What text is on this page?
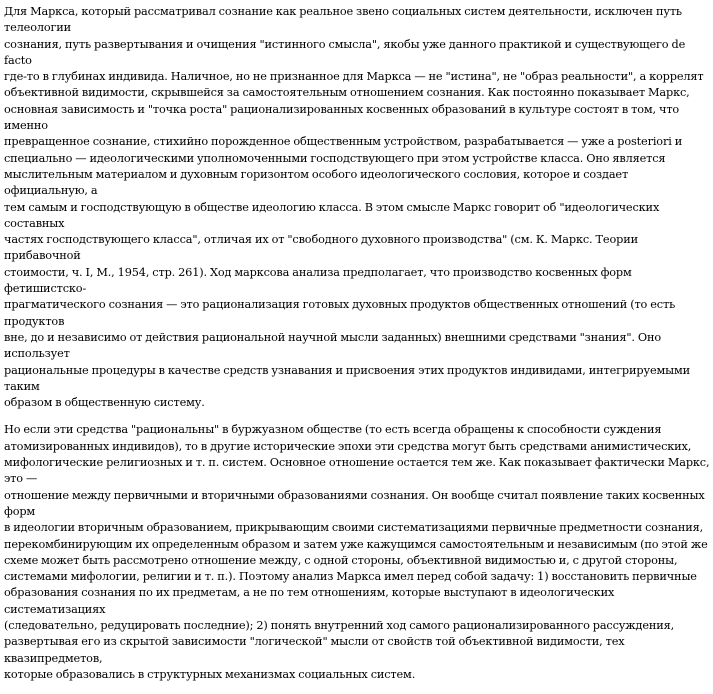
Для Маркса, который рассматривал сознание как реальное звено социальных систем деятельности, исключен путь телеологии
сознания, путь развертывания и очищения "истинного смысла", якобы уже данного практикой и существующего de facto
где-то в глубинах индивида. Наличное, но не признанное для Маркса — не "истина", не "образ реальности", а коррелят
объективной видимости, скрывшейся за самостоятельным отношением сознания. Как постоянно показывает Маркс,
основная зависимость и "точка роста" рационализированных косвенных образований в культуре состоят в том, что именно
превращенное сознание, стихийно порожденное общественным устройством, разрабатывается — уже a posteriori и
специально — идеологическими уполномоченными господствующего при этом устройстве класса. Оно является
мыслительным материалом и духовным горизонтом особого идеологического сословия, которое и создает официальную, а
тем самым и господствующую в обществе идеологию класса. В этом смысле Маркс говорит об "идеологических составных
частях господствующего класса", отличая их от "свободного духовного производства" (см. К. Маркс. Теории прибавочной
стоимости, ч. I, М., 1954, стр. 261). Ход марксова анализа предполагает, что производство косвенных форм фетишистско-
прагматического сознания — это рационализация готовых духовных продуктов общественных отношений (то есть продуктов
вне, до и независимо от действия рациональной научной мысли заданных) внешними средствами "знания". Оно использует
рациональные процедуры в качестве средств узнавания и присвоения этих продуктов индивидами, интегрируемыми таким
образом в общественную систему.

Но если эти средства "рациональны" в буржуазном обществе (то есть всегда обращены к способности суждения
атомизированных индивидов), то в другие исторические эпохи эти средства могут быть средствами анимистических,
мифологические религиозных и т. п. систем. Основное отношение остается тем же. Как показывает фактически Маркс, это —
отношение между первичными и вторичными образованиями сознания. Он вообще считал появление таких косвенных форм
в идеологии вторичным образованием, прикрывающим своими систематизациями первичные предметности сознания,
перекомбинирующим их определенным образом и затем уже кажущимся самостоятельным и независимым (по этой же
схеме может быть рассмотрено отношение между, с одной стороны, объективной видимостью и, с другой стороны,
системами мифологии, религии и т. п.). Поэтому анализ Маркса имел перед собой задачу: 1) восстановить первичные
образования сознания по их предметам, а не по тем отношениям, которые выступают в идеологических систематизациях
(следовательно, редуцировать последние); 2) понять внутренний ход самого рационализированного рассуждения,
развертывая его из скрытой зависимости "логической" мысли от свойств той объективной видимости, тех квазипредметов,
которые образовались в структурных механизмах социальных систем.
